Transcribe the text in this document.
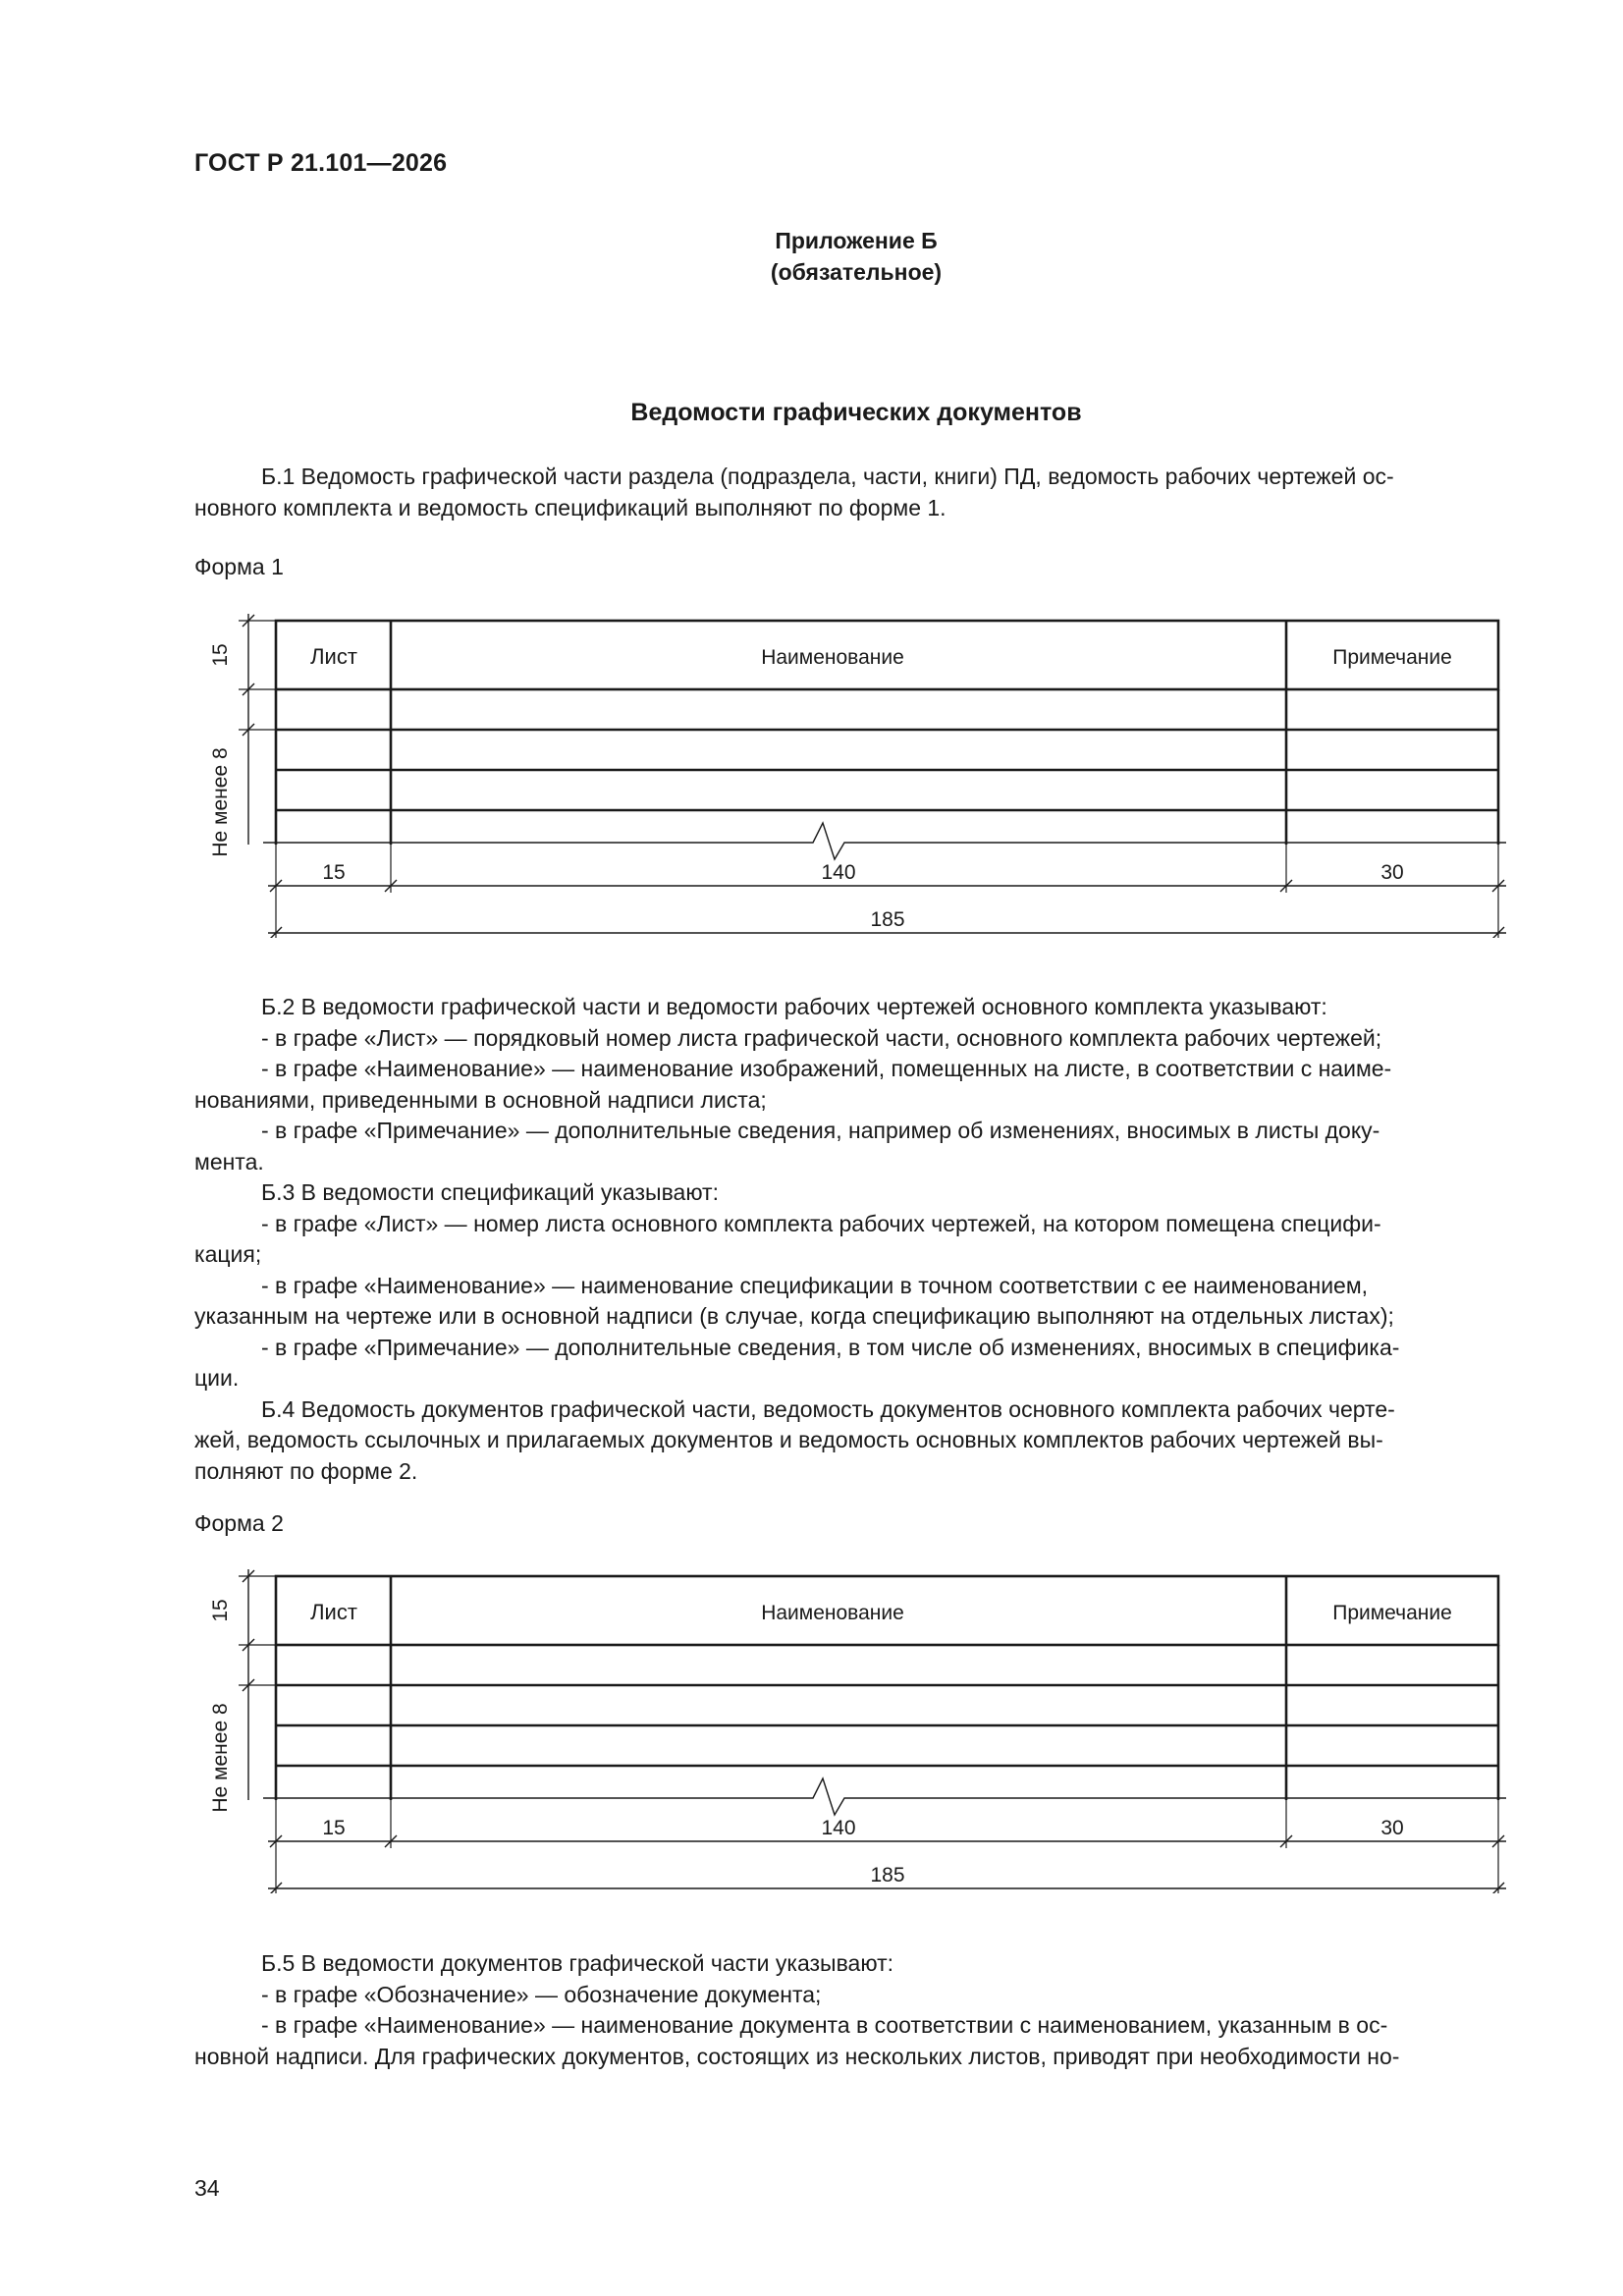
ГОСТ Р 21.101—2026
Приложение Б
(обязательное)
Ведомости графических документов
Б.1 Ведомость графической части раздела (подраздела, части, книги) ПД, ведомость рабочих чертежей ос-
новного комплекта и ведомость спецификаций выполняют по форме 1.
Форма 1
Лист	Наименование	Примечание
15
Не менее 8
15	140	30
185
Б.2 В ведомости графической части и ведомости рабочих чертежей основного комплекта указывают:
- в графе «Лист» — порядковый номер листа графической части, основного комплекта рабочих чертежей;
- в графе «Наименование» — наименование изображений, помещенных на листе, в соответствии с наиме-
нованиями, приведенными в основной надписи листа;
- в графе «Примечание» — дополнительные сведения, например об изменениях, вносимых в листы доку-
мента.
Б.3 В ведомости спецификаций указывают:
- в графе «Лист» — номер листа основного комплекта рабочих чертежей, на котором помещена специфи-
кация;
- в графе «Наименование» — наименование спецификации в точном соответствии с ее наименованием,
указанным на чертеже или в основной надписи (в случае, когда спецификацию выполняют на отдельных листах);
- в графе «Примечание» — дополнительные сведения, в том числе об изменениях, вносимых в специфика-
ции.
Б.4 Ведомость документов графической части, ведомость документов основного комплекта рабочих черте-
жей, ведомость ссылочных и прилагаемых документов и ведомость основных комплектов рабочих чертежей вы-
полняют по форме 2.
Форма 2
Лист	Наименование	Примечание
15
Не менее 8
15	140	30
185
Б.5 В ведомости документов графической части указывают:
- в графе «Обозначение» — обозначение документа;
- в графе «Наименование» — наименование документа в соответствии с наименованием, указанным в ос-
новной надписи. Для графических документов, состоящих из нескольких листов, приводят при необходимости но-
34
